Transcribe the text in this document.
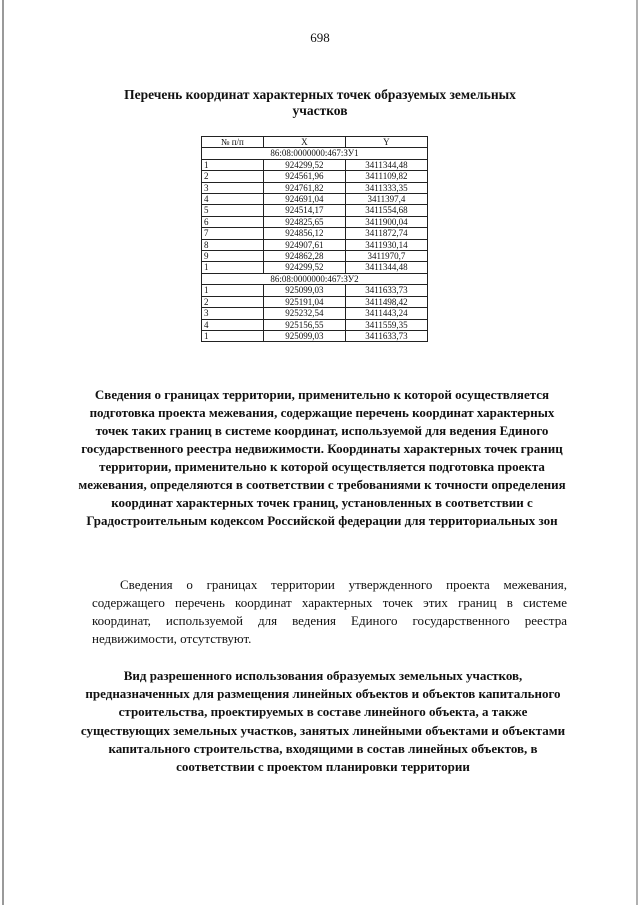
698
Перечень координат характерных точек образуемых земельных участков
№ п/п	X	Y
86:08:0000000:467:ЗУ1		
1	924299,52	3411344,48
2	924561,96	3411109,82
3	924761,82	3411333,35
4	924691,04	3411397,4
5	924514,17	3411554,68
6	924825,65	3411900,04
7	924856,12	3411872,74
8	924907,61	3411930,14
9	924862,28	3411970,7
1	924299,52	3411344,48
86:08:0000000:467:ЗУ2		
1	925099,03	3411633,73
2	925191,04	3411498,42
3	925232,54	3411443,24
4	925156,55	3411559,35
1	925099,03	3411633,73
Сведения о границах территории, применительно к которой осуществляется подготовка проекта межевания, содержащие перечень координат характерных точек таких границ в системе координат, используемой для ведения Единого государственного реестра недвижимости. Координаты характерных точек границ территории, применительно к которой осуществляется подготовка проекта межевания, определяются в соответствии с требованиями к точности определения координат характерных точек границ, установленных в соответствии с Градостроительным кодексом Российской федерации для территориальных зон
Сведения о границах территории утвержденного проекта межевания, содержащего перечень координат характерных точек этих границ в системе координат, используемой для ведения Единого государственного реестра недвижимости, отсутствуют.
Вид разрешенного использования образуемых земельных участков, предназначенных для размещения линейных объектов и объектов капитального строительства, проектируемых в составе линейного объекта, а также существующих земельных участков, занятых линейными объектами и объектами капитального строительства, входящими в состав линейных объектов, в соответствии с проектом планировки территории
